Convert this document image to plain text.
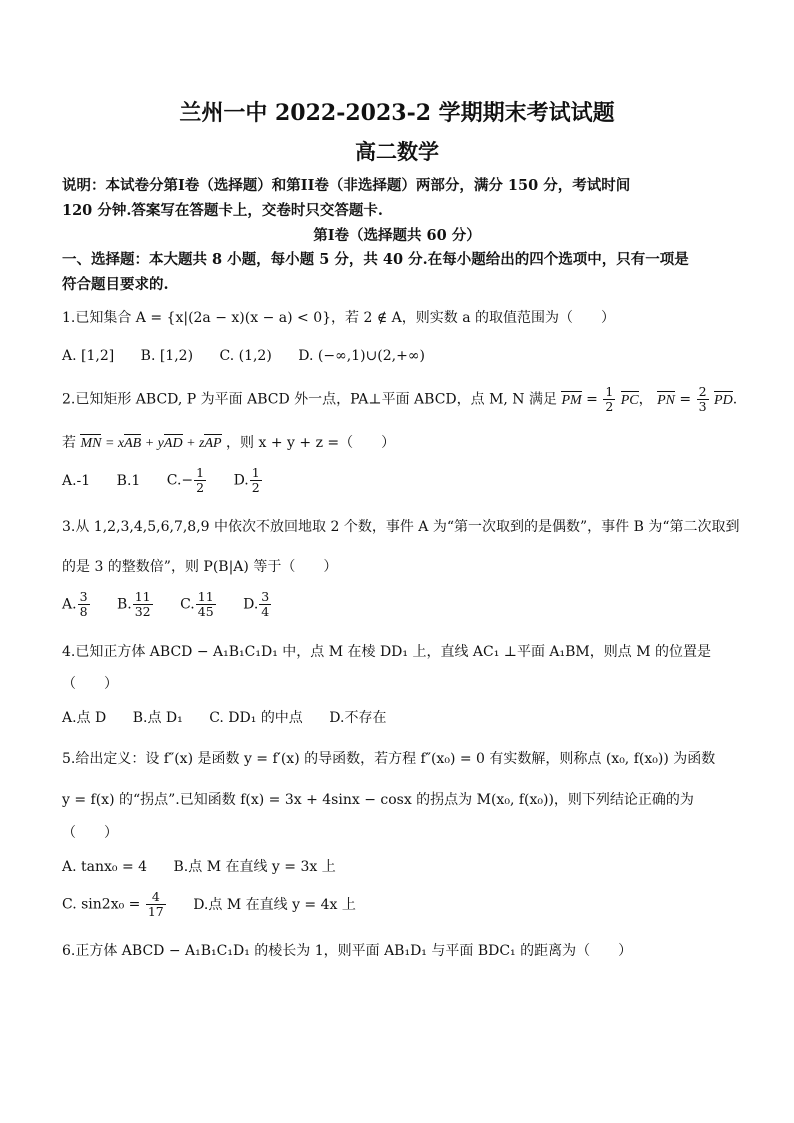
兰州一中 2022-2023-2 学期期末考试试题
高二数学
说明：本试卷分第Ⅰ卷（选择题）和第ⅠⅠ卷（非选择题）两部分，满分 150 分，考试时间
120 分钟.答案写在答题卡上，交卷时只交答题卡.
第Ⅰ卷（选择题共 60 分）
一、选择题：本大题共 8 小题，每小题 5 分，共 40 分.在每小题给出的四个选项中，只有一项是
符合题目要求的.
1.已知集合 A = {x|(2a − x)(x − a) < 0}，若 2 ∉ A，则实数 a 的取值范围为（　　）
A. [1,2] B. [1,2) C. (1,2) D. (−∞,1)∪(2,+∞)
2.已知矩形 ABCD, P 为平面 ABCD 外一点，PA⊥平面 ABCD，点 M, N 满足 PM = $\frac{1}{2}$ PC， PN = $\frac{2}{3}$ PD.
若 MN = xAB + yAD + zAP ，则 x + y + z =（　　）
A.-1 B.1 $C.- \frac{1}{2} D$. $\frac{1}{2}$
3.从 1,2,3,4,5,6,7,8,9 中依次不放回地取 2 个数，事件 A 为“第一次取到的是偶数”，事件 B 为“第二次取到
的是 3 的整数倍”，则 P(B|A) 等于（　　）
A. $\frac{3}{8} B$. $\frac{11}{32} C$. $\frac{11}{45} D$. $\frac{3}{4}$
4.已知正方体 ABCD − A₁B₁C₁D₁ 中，点 M 在棱 DD₁ 上，直线 AC₁ ⊥平面 A₁BM，则点 M 的位置是
（　　）
A.点 D B.点 D₁ C. DD₁ 的中点 D.不存在
5.给出定义：设 f″(x) 是函数 y = f′(x) 的导函数，若方程 f″(x₀) = 0 有实数解，则称点 (x₀, f(x₀)) 为函数
y = f(x) 的“拐点”.已知函数 f(x) = 3x + 4sinx − cosx 的拐点为 M(x₀, f(x₀))，则下列结论正确的为
（　　）
A. tanx₀ = 4 B.点 M 在直线 y = 3x 上
C. $\sin 2x_0 = \frac{4}{17} D$.点 M 在直线 y = 4x 上
6.正方体 ABCD − A₁B₁C₁D₁ 的棱长为 1，则平面 AB₁D₁ 与平面 BDC₁ 的距离为（　　）
